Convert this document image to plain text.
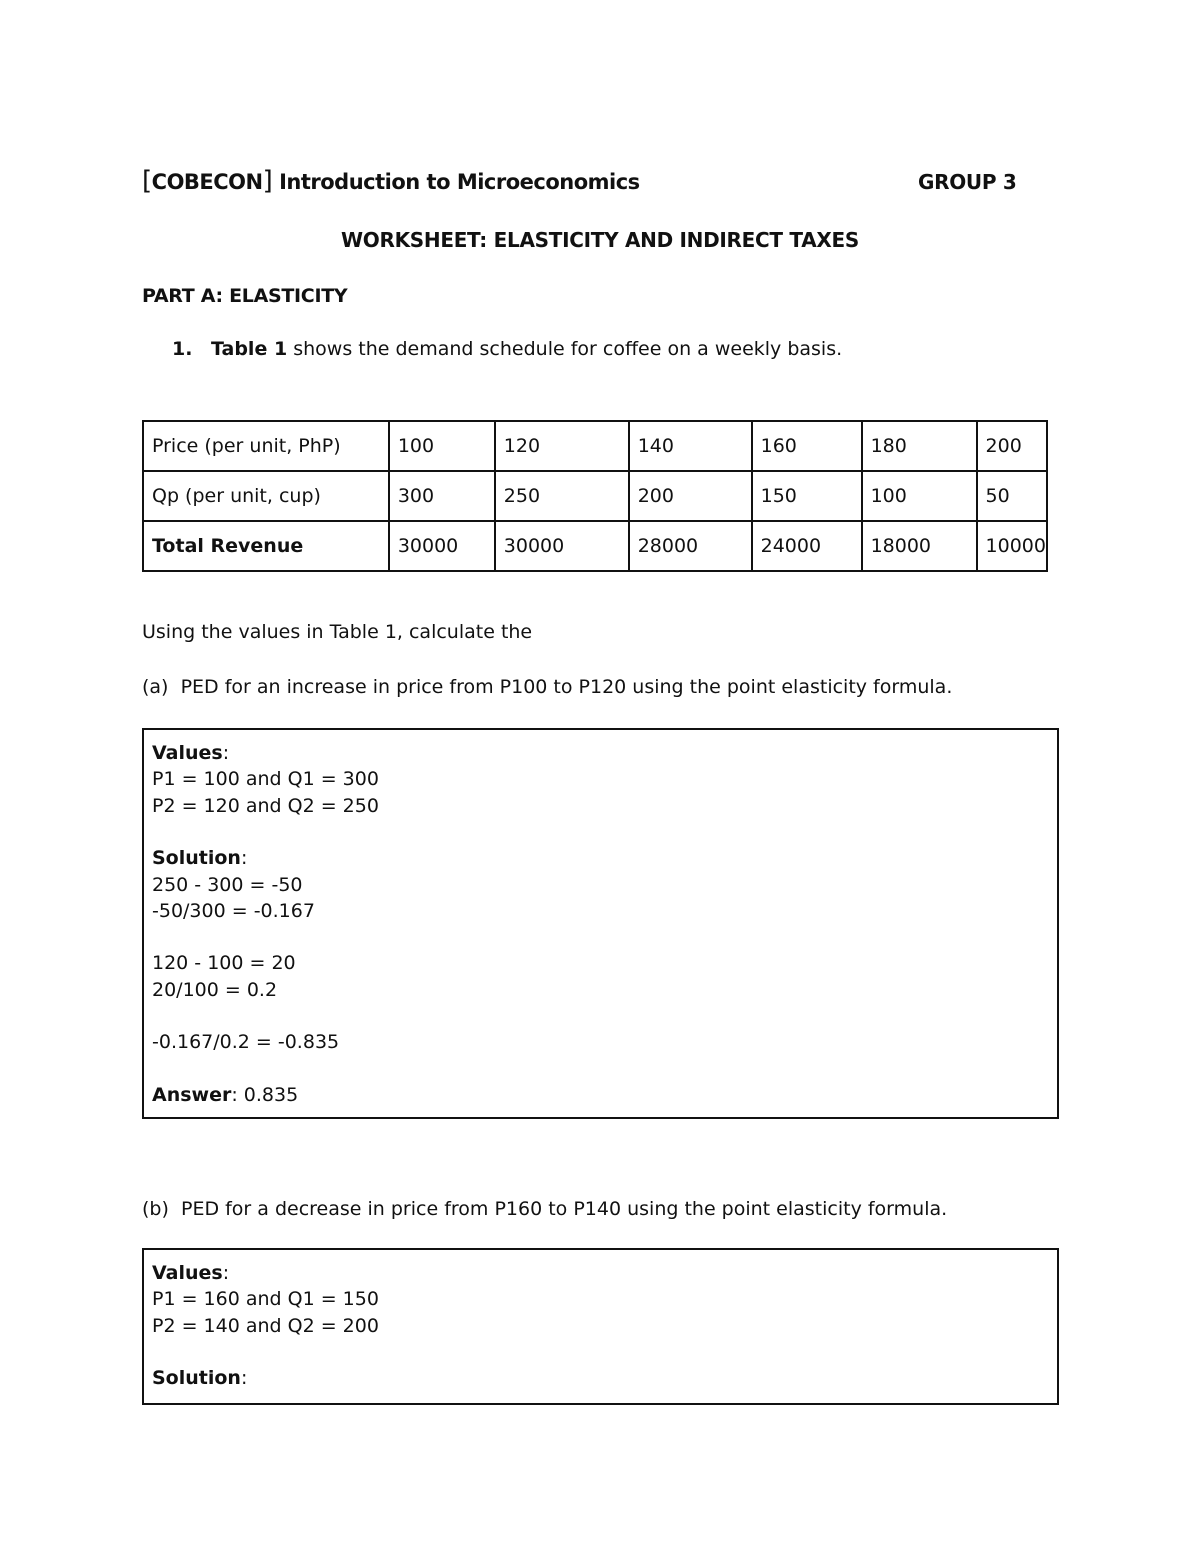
[COBECON] Introduction to Microeconomics	GROUP 3
WORKSHEET: ELASTICITY AND INDIRECT TAXES
PART A: ELASTICITY
1. Table 1 shows the demand schedule for coffee on a weekly basis.
Price (per unit, PhP)	100	120	140	160	180	200
Qp (per unit, cup)	300	250	200	150	100	50
Total Revenue	30000	30000	28000	24000	18000	10000
Using the values in Table 1, calculate the
(a) PED for an increase in price from P100 to P120 using the point elasticity formula.
Values:
P1 = 100 and Q1 = 300
P2 = 120 and Q2 = 250
Solution:
250 - 300 = -50
-50/300 = -0.167
120 - 100 = 20
20/100 = 0.2
-0.167/0.2 = -0.835
Answer: 0.835
(b) PED for a decrease in price from P160 to P140 using the point elasticity formula.
Values:
P1 = 160 and Q1 = 150
P2 = 140 and Q2 = 200
Solution:
